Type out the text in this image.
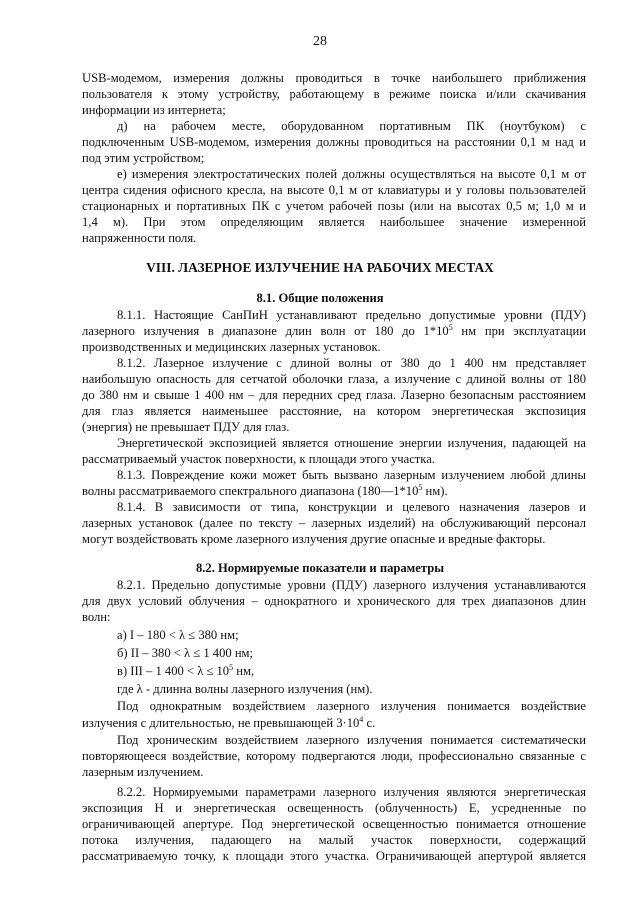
28
USB-модемом, измерения должны проводиться в точке наибольшего приближения
пользователя к этому устройству, работающему в режиме поиска и/или скачивания
информации из интернета;
д) на рабочем месте, оборудованном портативным ПК (ноутбуком) с
подключенным USB-модемом, измерения должны проводиться на расстоянии 0,1 м над и
под этим устройством;
е) измерения электростатических полей должны осуществляться на высоте 0,1 м от
центра сидения офисного кресла, на высоте 0,1 м от клавиатуры и у головы пользователей
стационарных и портативных ПК с учетом рабочей позы (или на высотах 0,5 м; 1,0 м и
1,4 м). При этом определяющим является наибольшее значение измеренной
напряженности поля.
VIII. ЛАЗЕРНОЕ ИЗЛУЧЕНИЕ НА РАБОЧИХ МЕСТАХ
8.1. Общие положения
8.1.1. Настоящие СанПиН устанавливают предельно допустимые уровни (ПДУ)
лазерного излучения в диапазоне длин волн от 180 до $1*10^5$ нм при эксплуатации
производственных и медицинских лазерных установок.
8.1.2. Лазерное излучение с длиной волны от 380 до 1 400 нм представляет
наибольшую опасность для сетчатой оболочки глаза, а излучение с длиной волны от 180
до 380 нм и свыше 1 400 нм – для передних сред глаза. Лазерно безопасным расстоянием
для глаз является наименьшее расстояние, на котором энергетическая экспозиция
(энергия) не превышает ПДУ для глаз.
Энергетической экспозицией является отношение энергии излучения, падающей на
рассматриваемый участок поверхности, к площади этого участка.
8.1.3. Повреждение кожи может быть вызвано лазерным излучением любой длины
волны рассматриваемого спектрального диапазона ($180—1*10^5$ нм).
8.1.4. В зависимости от типа, конструкции и целевого назначения лазеров и
лазерных установок (далее по тексту – лазерных изделий) на обслуживающий персонал
могут воздействовать кроме лазерного излучения другие опасные и вредные факторы.
8.2. Нормируемые показатели и параметры
8.2.1. Предельно допустимые уровни (ПДУ) лазерного излучения устанавливаются
для двух условий облучения – однократного и хронического для трех диапазонов длин
волн:
а) I – 180 < λ ≤ 380 нм;
б) II – 380 < λ ≤ 1 400 нм;
в) III – 1 $400 < \lambda \le 10^5$ нм,
где λ - длинна волны лазерного излучения (нм).
Под однократным воздействием лазерного излучения понимается воздействие
излучения с длительностью, не превышающей $3\cdot 10^4$ с.
Под хроническим воздействием лазерного излучения понимается систематически
повторяющееся воздействие, которому подвергаются люди, профессионально связанные с
лазерным излучением.
8.2.2. Нормируемыми параметрами лазерного излучения являются энергетическая
экспозиция H и энергетическая освещенность (облученность) E, усредненные по
ограничивающей апертуре. Под энергетической освещенностью понимается отношение
потока излучения, падающего на малый участок поверхности, содержащий
рассматриваемую точку, к площади этого участка. Ограничивающей апертурой является
